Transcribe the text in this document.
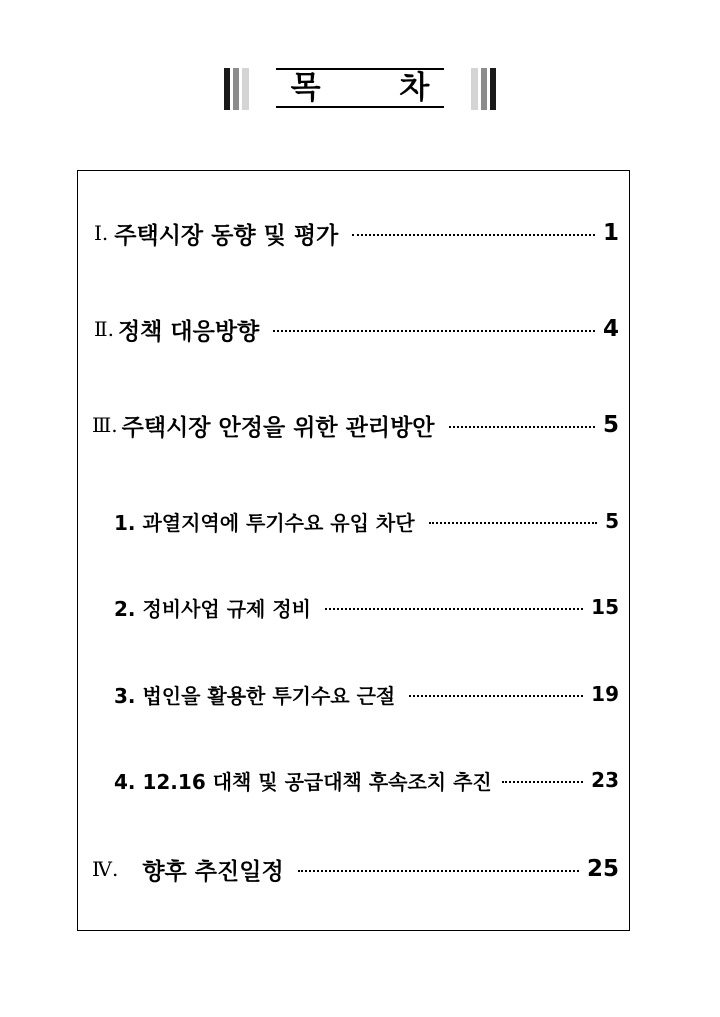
목 차
Ⅰ. 주택시장 동향 및 평가	1
Ⅱ. 정책 대응방향	4
Ⅲ. 주택시장 안정을 위한 관리방안	5
1. 과열지역에 투기수요 유입 차단	5
2. 정비사업 규제 정비	15
3. 법인을 활용한 투기수요 근절	19
4. 12.16 대책 및 공급대책 후속조치 추진	23
Ⅳ. 향후 추진일정	25
